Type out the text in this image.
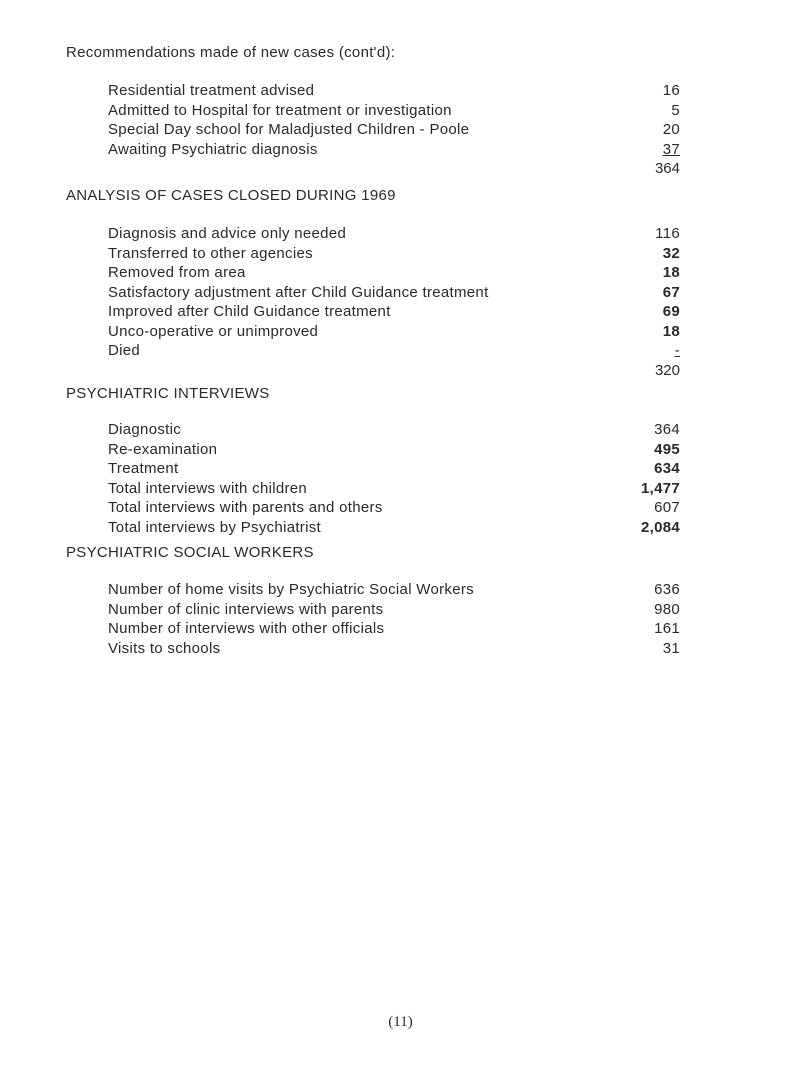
Recommendations made of new cases (cont'd):
Residential treatment advised	16
Admitted to Hospital for treatment or investigation	5
Special Day school for Maladjusted Children - Poole	20
Awaiting Psychiatric diagnosis	37
364
ANALYSIS OF CASES CLOSED DURING 1969
Diagnosis and advice only needed	116
Transferred to other agencies	32
Removed from area	18
Satisfactory adjustment after Child Guidance treatment	67
Improved after Child Guidance treatment	69
Unco-operative or unimproved	18
Died	-
320
PSYCHIATRIC INTERVIEWS
Diagnostic	364
Re-examination	495
Treatment	634
Total interviews with children	1,477
Total interviews with parents and others	607
Total interviews by Psychiatrist	2,084
PSYCHIATRIC SOCIAL WORKERS
Number of home visits by Psychiatric Social Workers	636
Number of clinic interviews with parents	980
Number of interviews with other officials	161
Visits to schools	31
(11)
